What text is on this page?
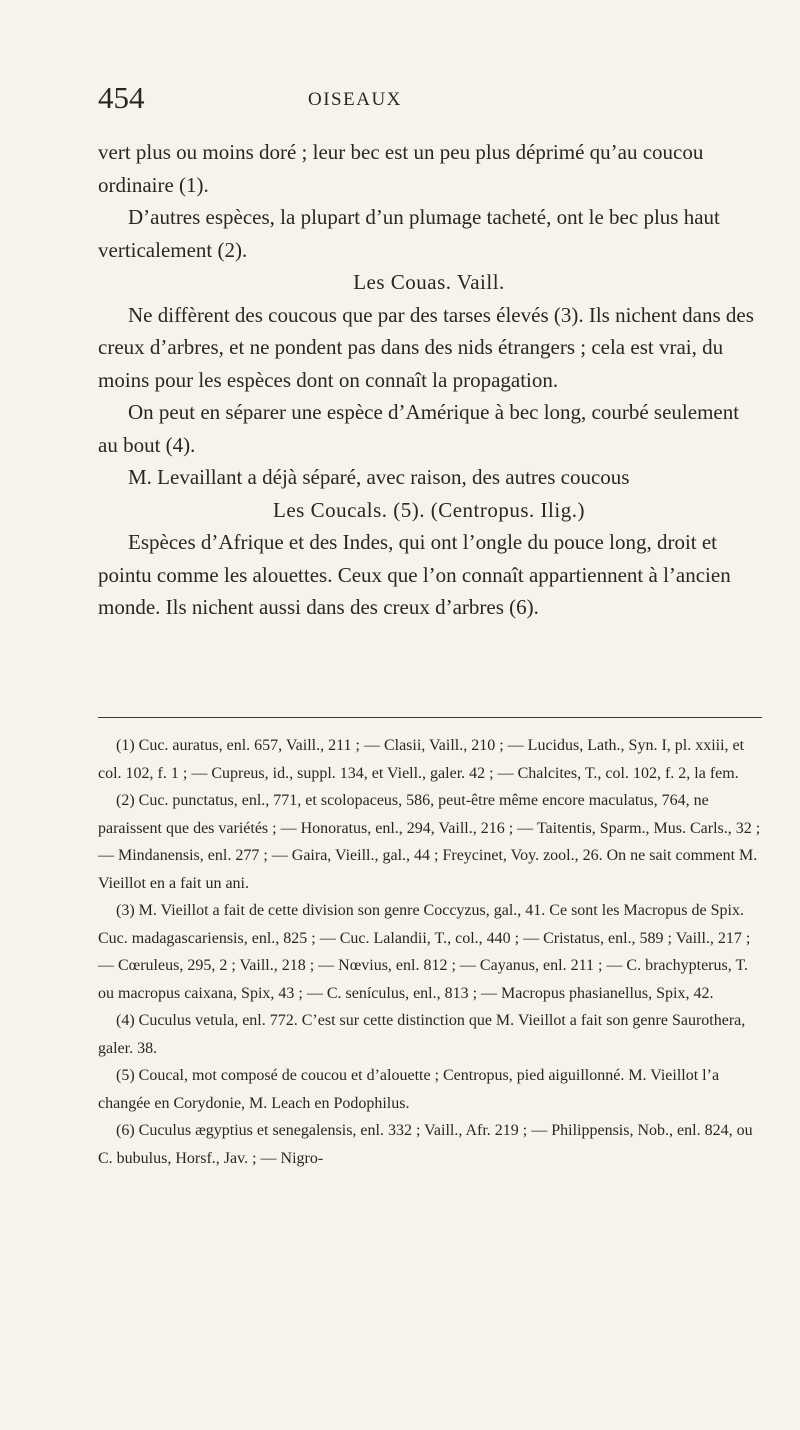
454	OISEAUX

vert plus ou moins doré ; leur bec est un peu plus déprimé qu’au coucou ordinaire (1).

D’autres espèces, la plupart d’un plumage tacheté, ont le bec plus haut verticalement (2).

Les Couas. Vaill.

Ne diffèrent des coucous que par des tarses élevés (3). Ils nichent dans des creux d’arbres, et ne pondent pas dans des nids étrangers ; cela est vrai, du moins pour les espèces dont on connaît la propagation.

On peut en séparer une espèce d’Amérique à bec long, courbé seulement au bout (4).

M. Levaillant a déjà séparé, avec raison, des autres coucous

Les Coucals. (5). (Centropus. Ilig.)

Espèces d’Afrique et des Indes, qui ont l’ongle du pouce long, droit et pointu comme les alouettes. Ceux que l’on connaît appartiennent à l’ancien monde. Ils nichent aussi dans des creux d’arbres (6).

(1) Cuc. auratus, enl. 657, Vaill., 211 ; — Clasii, Vaill., 210 ; — Lucidus, Lath., Syn. I, pl. xxiii, et col. 102, f. 1 ; — Cupreus, id., suppl. 134, et Viell., galer. 42 ; — Chalcites, T., col. 102, f. 2, la fem.

(2) Cuc. punctatus, enl., 771, et scolopaceus, 586, peut-être même encore maculatus, 764, ne paraissent que des variétés ; — Honoratus, enl., 294, Vaill., 216 ; — Taitentis, Sparm., Mus. Carls., 32 ; — Mindanensis, enl. 277 ; — Gaira, Vieill., gal., 44 ; Freycinet, Voy. zool., 26. On ne sait comment M. Vieillot en a fait un ani.

(3) M. Vieillot a fait de cette division son genre Coccyzus, gal., 41. Ce sont les Macropus de Spix. Cuc. madagascariensis, enl., 825 ; — Cuc. Lalandii, T., col., 440 ; — Cristatus, enl., 589 ; Vaill., 217 ; — Cœruleus, 295, 2 ; Vaill., 218 ; — Nœvius, enl. 812 ; — Cayanus, enl. 211 ; — C. brachypterus, T. ou macropus caixana, Spix, 43 ; — C. senículus, enl., 813 ; — Macropus phasianellus, Spix, 42.

(4) Cuculus vetula, enl. 772. C’est sur cette distinction que M. Vieillot a fait son genre Saurothera, galer. 38.

(5) Coucal, mot composé de coucou et d’alouette ; Centropus, pied aiguillonné. M. Vieillot l’a changée en Corydonie, M. Leach en Podophilus.

(6) Cuculus ægyptius et senegalensis, enl. 332 ; Vaill., Afr. 219 ; — Philippensis, Nob., enl. 824, ou C. bubulus, Horsf., Jav. ; — Nigro-
